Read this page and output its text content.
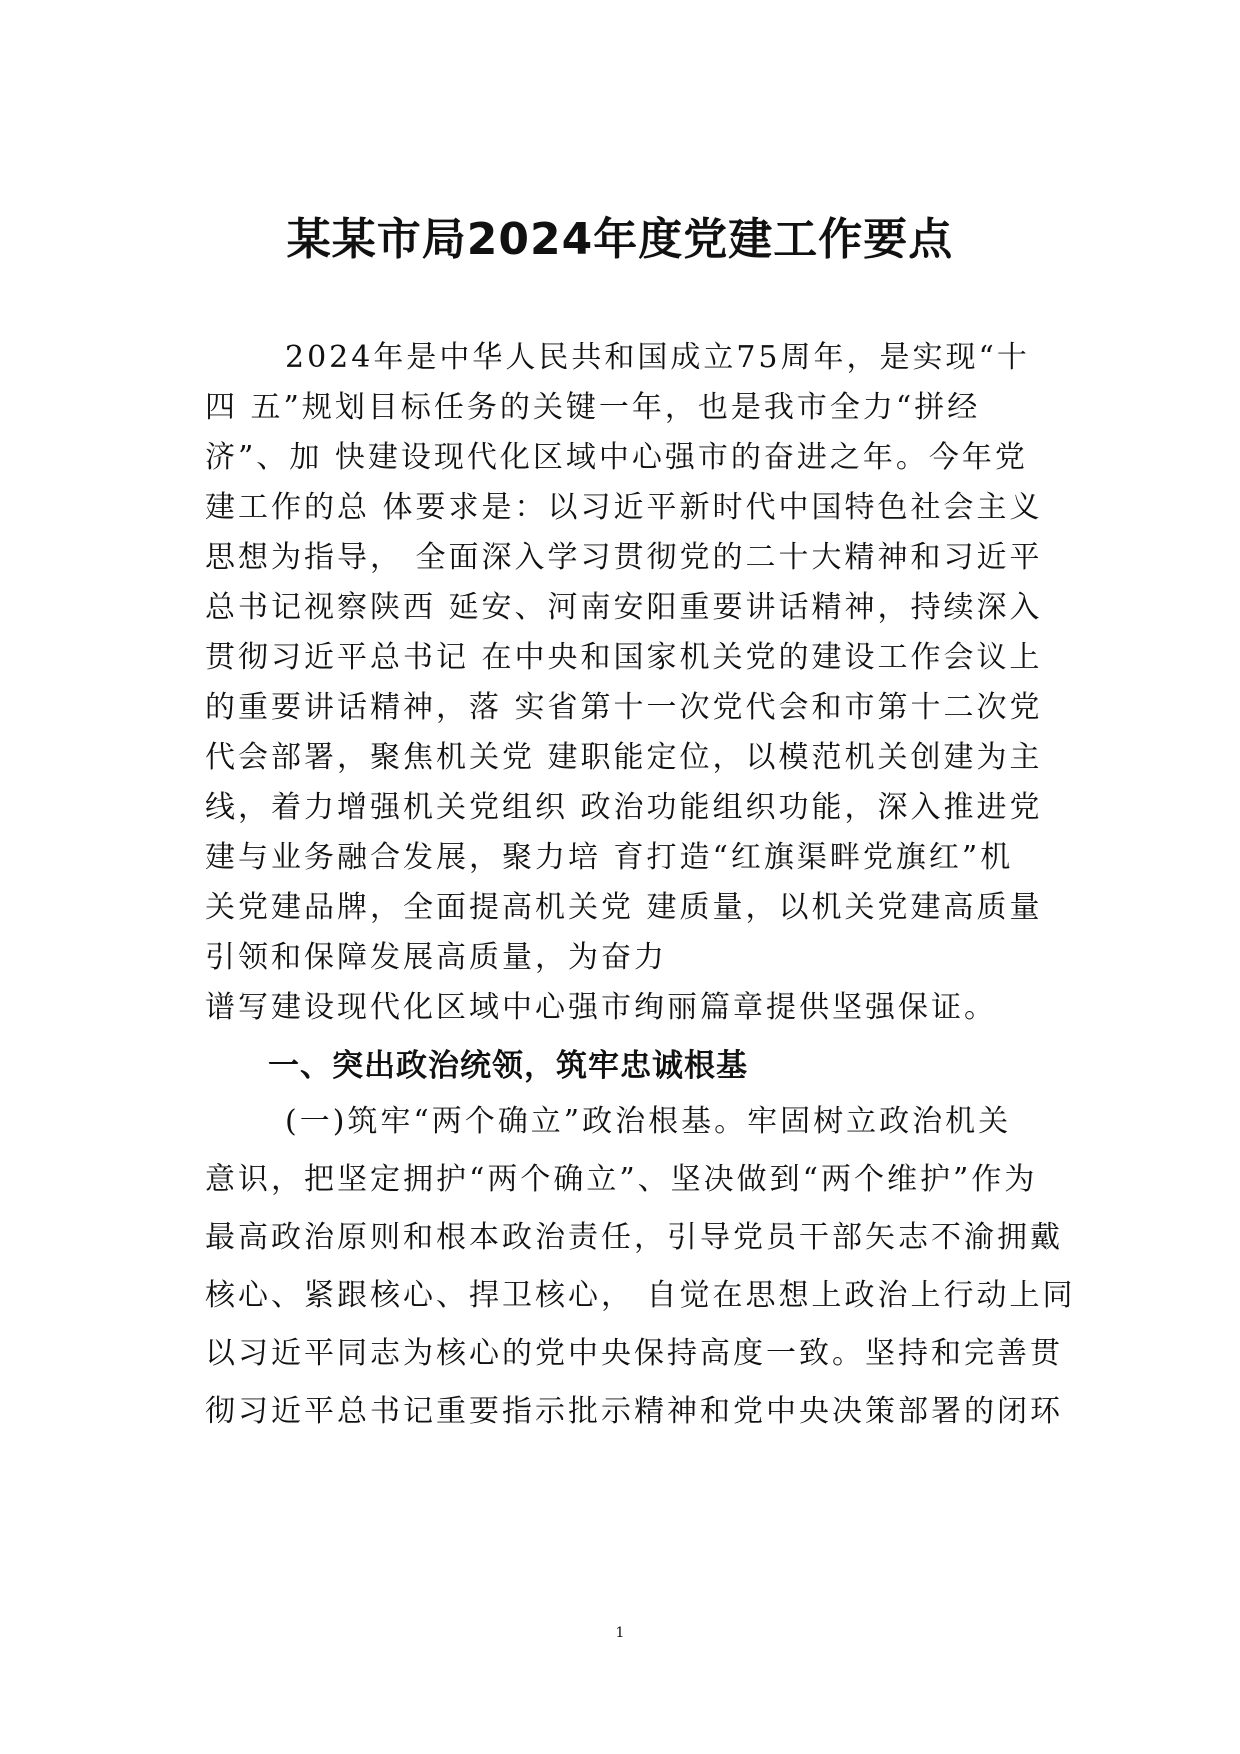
某某市局2024年度党建工作要点
2024年是中华人民共和国成立75周年，是实现“十
四 五”规划目标任务的关键一年，也是我市全力“拼经
济”、加 快建设现代化区域中心强市的奋进之年。今年党
建工作的总 体要求是：以习近平新时代中国特色社会主义
思想为指导， 全面深入学习贯彻党的二十大精神和习近平
总书记视察陕西 延安、河南安阳重要讲话精神，持续深入
贯彻习近平总书记 在中央和国家机关党的建设工作会议上
的重要讲话精神，落 实省第十一次党代会和市第十二次党
代会部署，聚焦机关党 建职能定位，以模范机关创建为主
线，着力增强机关党组织 政治功能组织功能，深入推进党
建与业务融合发展，聚力培 育打造“红旗渠畔党旗红”机
关党建品牌，全面提高机关党 建质量，以机关党建高质量
引领和保障发展高质量，为奋力
谱写建设现代化区域中心强市绚丽篇章提供坚强保证。
一、突出政治统领，筑牢忠诚根基
(一)筑牢“两个确立”政治根基。牢固树立政治机关
意识，把坚定拥护“两个确立”、坚决做到“两个维护”作为
最高政治原则和根本政治责任，引导党员干部矢志不渝拥戴
核心、紧跟核心、捍卫核心， 自觉在思想上政治上行动上同
以习近平同志为核心的党中央保持高度一致。坚持和完善贯
彻习近平总书记重要指示批示精神和党中央决策部署的闭环
1
